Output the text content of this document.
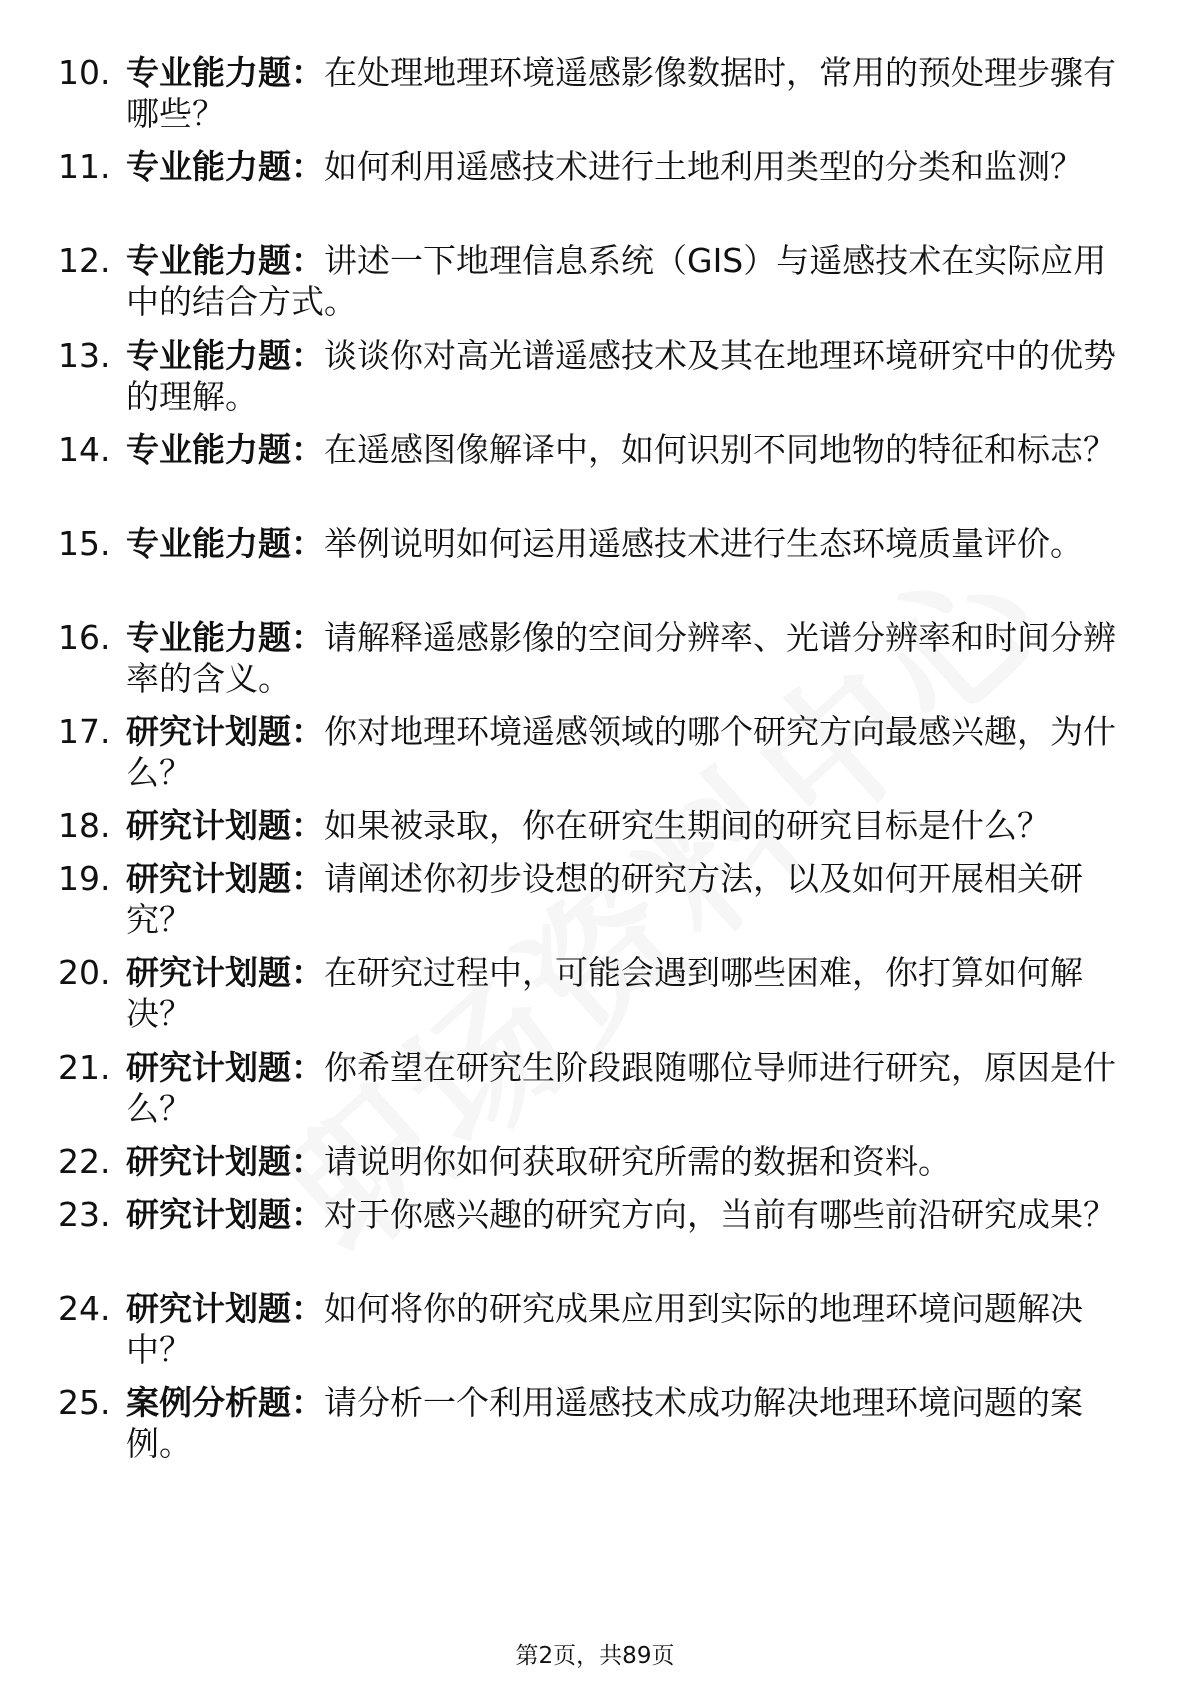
10. 专业能力题：在处理地理环境遥感影像数据时，常用的预处理步骤有哪些？
11. 专业能力题：如何利用遥感技术进行土地利用类型的分类和监测？
12. 专业能力题：讲述一下地理信息系统（GIS）与遥感技术在实际应用中的结合方式。
13. 专业能力题：谈谈你对高光谱遥感技术及其在地理环境研究中的优势的理解。
14. 专业能力题：在遥感图像解译中，如何识别不同地物的特征和标志？
15. 专业能力题：举例说明如何运用遥感技术进行生态环境质量评价。
16. 专业能力题：请解释遥感影像的空间分辨率、光谱分辨率和时间分辨率的含义。
17. 研究计划题：你对地理环境遥感领域的哪个研究方向最感兴趣，为什么？
18. 研究计划题：如果被录取，你在研究生期间的研究目标是什么？
19. 研究计划题：请阐述你初步设想的研究方法，以及如何开展相关研究？
20. 研究计划题：在研究过程中，可能会遇到哪些困难，你打算如何解决？
21. 研究计划题：你希望在研究生阶段跟随哪位导师进行研究，原因是什么？
22. 研究计划题：请说明你如何获取研究所需的数据和资料。
23. 研究计划题：对于你感兴趣的研究方向，当前有哪些前沿研究成果？
24. 研究计划题：如何将你的研究成果应用到实际的地理环境问题解决中？
25. 案例分析题：请分析一个利用遥感技术成功解决地理环境问题的案例。
第2页，共89页
